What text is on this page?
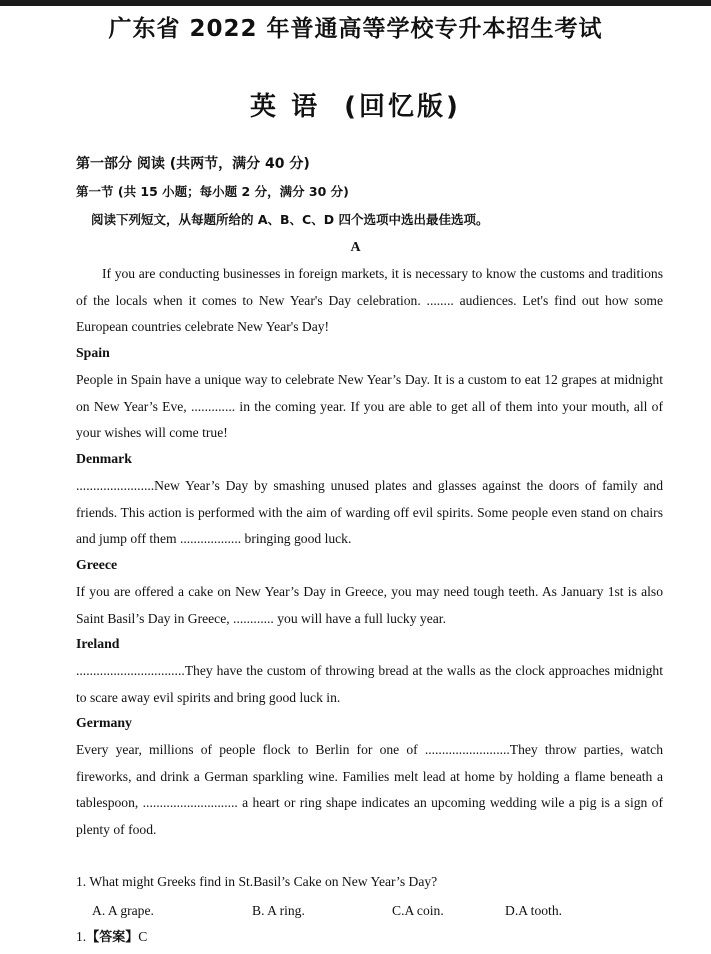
广东省 2022 年普通高等学校专升本招生考试
英 语 (回忆版)
第一部分 阅读 (共两节，满分 40 分)
第一节 (共 15 小题；每小题 2 分，满分 30 分)
阅读下列短文，从每题所给的 A、B、C、D 四个选项中选出最佳选项。
A
If you are conducting businesses in foreign markets, it is necessary to know the customs and traditions of the locals when it comes to New Year's Day celebration. ........ audiences. Let's find out how some European countries celebrate New Year's Day!
Spain
People in Spain have a unique way to celebrate New Year’s Day. It is a custom to eat 12 grapes at midnight on New Year’s Eve, ............. in the coming year. If you are able to get all of them into your mouth, all of your wishes will come true!
Denmark
.......................New Year’s Day by smashing unused plates and glasses against the doors of family and friends. This action is performed with the aim of warding off evil spirits. Some people even stand on chairs and jump off them .................. bringing good luck.
Greece
If you are offered a cake on New Year’s Day in Greece, you may need tough teeth. As January 1st is also Saint Basil’s Day in Greece, ............ you will have a full lucky year.
Ireland
................................They have the custom of throwing bread at the walls as the clock approaches midnight to scare away evil spirits and bring good luck in.
Germany
Every year, millions of people flock to Berlin for one of .........................They throw parties, watch fireworks, and drink a German sparkling wine. Families melt lead at home by holding a flame beneath a tablespoon, ............................ a heart or ring shape indicates an upcoming wedding wile a pig is a sign of plenty of food.
1. What might Greeks find in St.Basil’s Cake on New Year’s Day?
A. A grape.	B. A ring.	C.A coin.	D.A tooth.
1.【答案】C
